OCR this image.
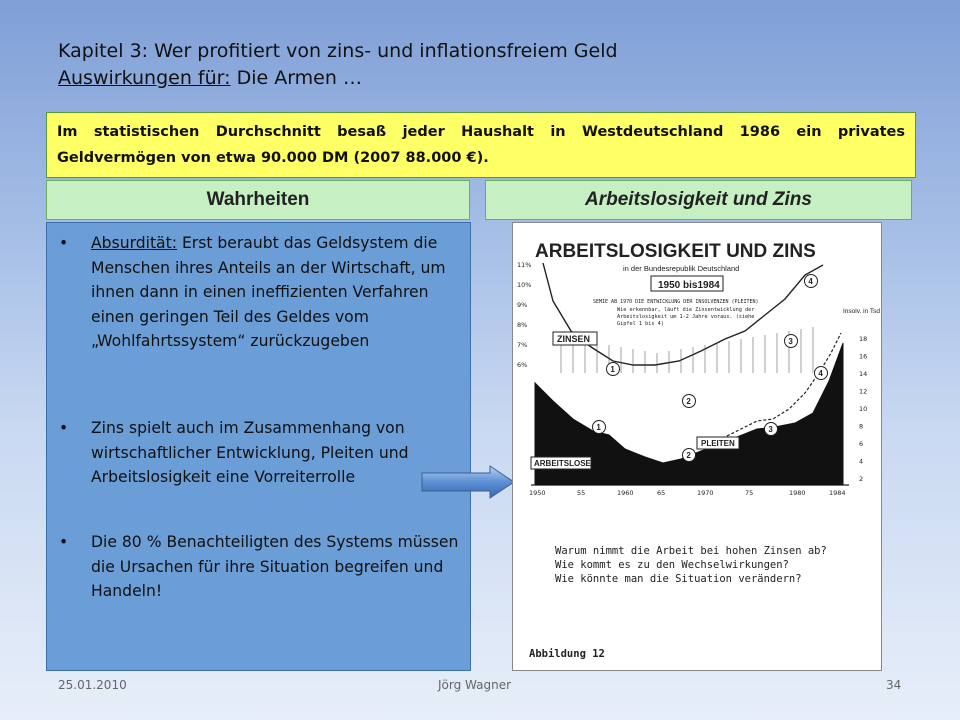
Kapitel 3: Wer profitiert von zins- und inflationsfreiem Geld
Auswirkungen für: Die Armen …
Im statistischen Durchschnitt besaß jeder Haushalt in Westdeutschland 1986 ein privates Geldvermögen von etwa 90.000 DM (2007 88.000 €).
Wahrheiten	Arbeitslosigkeit und Zins
• Absurdität: Erst beraubt das Geldsystem die Menschen ihres Anteils an der Wirtschaft, um ihnen dann in einen ineffizienten Verfahren einen geringen Teil des Geldes vom „Wohlfahrtssystem“ zurückzugeben
• Zins spielt auch im Zusammenhang von wirtschaftlicher Entwicklung, Pleiten und Arbeitslosigkeit eine Vorreiterrolle
• Die 80 % Benachteiligten des Systems müssen die Ursachen für ihre Situation begreifen und Handeln!
ARBEITSLOSIGKEIT UND ZINS
in der Bundesrepublik Deutschland
1950 bis1984
SEMIE AB 1970 DIE ENTWICKLUNG DER INSOLVENZEN (PLEITEN)
Wie erkennbar, läuft die Zinsentwicklung der Arbeitslosigkeit um 1-2 Jahre voraus. (siehe Gipfel 1 bis 4)
Insolv. in Tsd
11%
10%
9%
8%
7%
6%
18
16
14
12
10
8
6
4
2
1950	55	1960	65	1970	75	1980	1984
1
1
2
2
3
3
4
4
ZINSEN
ARBEITSLOSE
PLEITEN
Warum nimmt die Arbeit bei hohen Zinsen ab?
Wie kommt es zu den Wechselwirkungen?
Wie könnte man die Situation verändern?
Abbildung 12
25.01.2010	Jörg Wagner	34
